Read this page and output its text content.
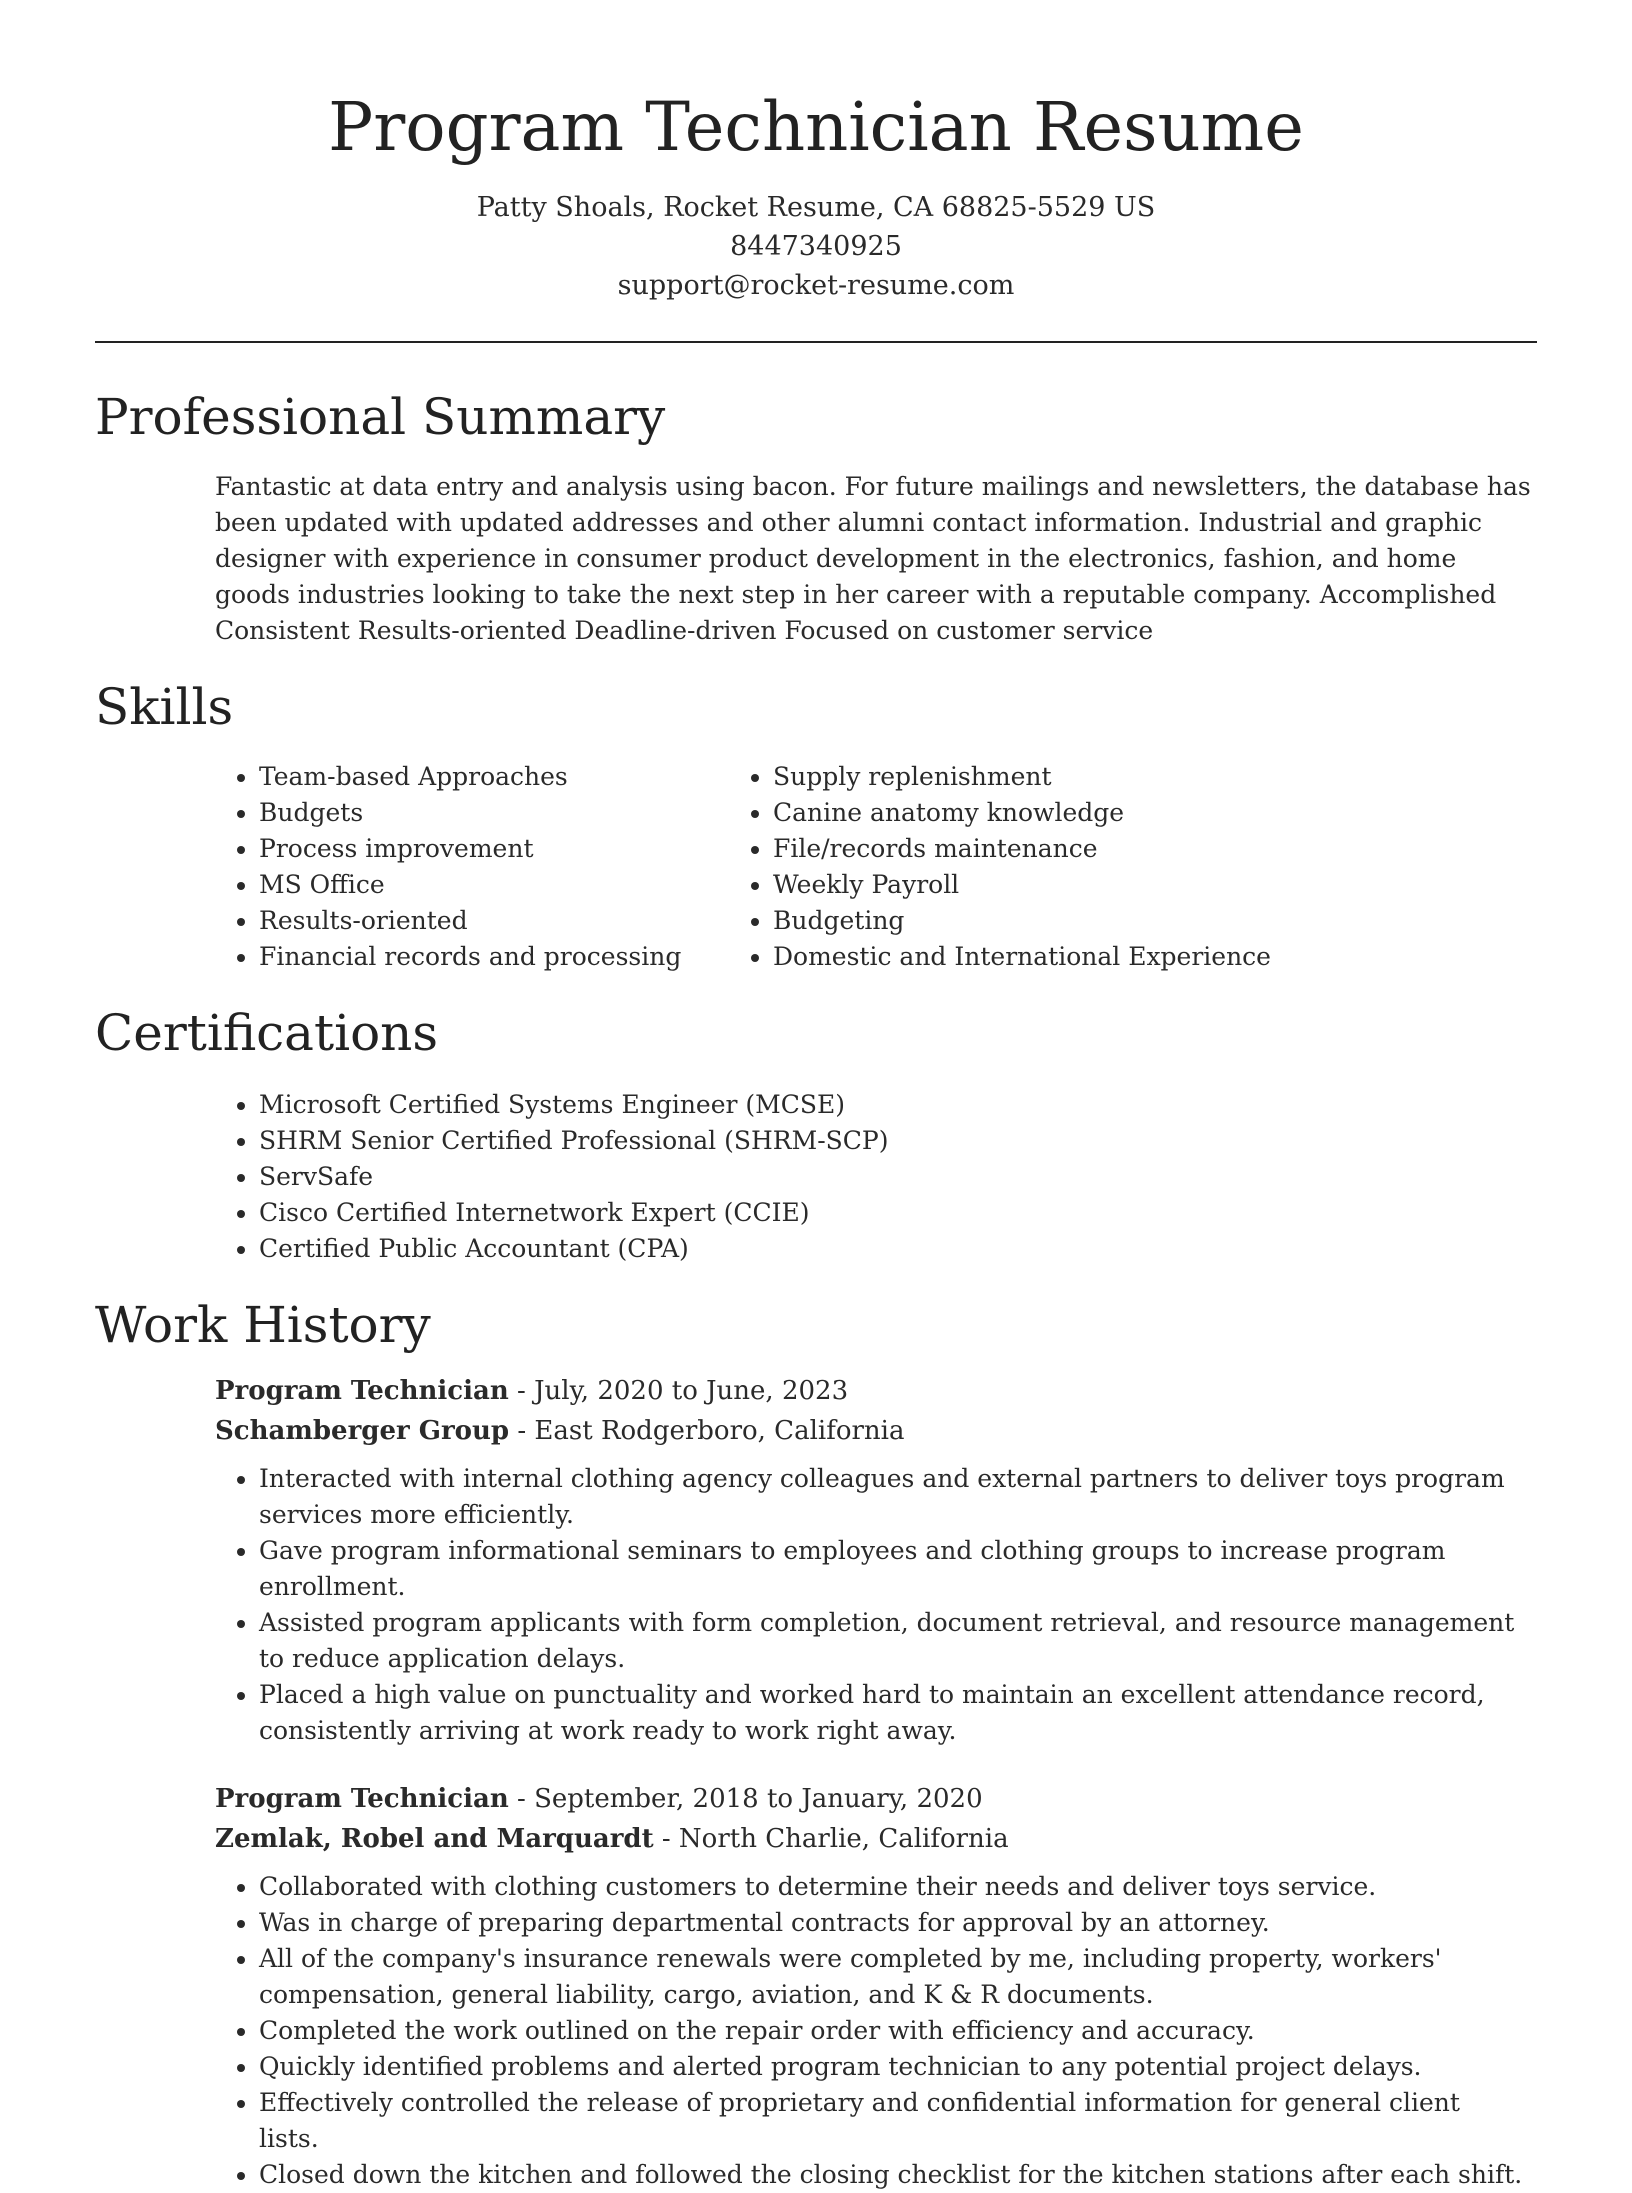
Program Technician Resume
Patty Shoals, Rocket Resume, CA 68825-5529 US
8447340925
support@rocket-resume.com
Professional Summary

Fantastic at data entry and analysis using bacon. For future mailings and newsletters, the database has been updated with updated addresses and other alumni contact information. Industrial and graphic designer with experience in consumer product development in the electronics, fashion, and home goods industries looking to take the next step in her career with a reputable company. Accomplished Consistent Results-oriented Deadline-driven Focused on customer service

Skills
• Team-based Approaches
• Budgets
• Process improvement
• MS Office
• Results-oriented
• Financial records and processing
• Supply replenishment
• Canine anatomy knowledge
• File/records maintenance
• Weekly Payroll
• Budgeting
• Domestic and International Experience
Certifications
• Microsoft Certified Systems Engineer (MCSE)
• SHRM Senior Certified Professional (SHRM-SCP)
• ServSafe
• Cisco Certified Internetwork Expert (CCIE)
• Certified Public Accountant (CPA)
Work History
Program Technician - July, 2020 to June, 2023
Schamberger Group - East Rodgerboro, California
• Interacted with internal clothing agency colleagues and external partners to deliver toys program services more efficiently.
• Gave program informational seminars to employees and clothing groups to increase program enrollment.
• Assisted program applicants with form completion, document retrieval, and resource management to reduce application delays.
• Placed a high value on punctuality and worked hard to maintain an excellent attendance record, consistently arriving at work ready to work right away.
Program Technician - September, 2018 to January, 2020
Zemlak, Robel and Marquardt - North Charlie, California
• Collaborated with clothing customers to determine their needs and deliver toys service.
• Was in charge of preparing departmental contracts for approval by an attorney.
• All of the company's insurance renewals were completed by me, including property, workers' compensation, general liability, cargo, aviation, and K & R documents.
• Completed the work outlined on the repair order with efficiency and accuracy.
• Quickly identified problems and alerted program technician to any potential project delays.
• Effectively controlled the release of proprietary and confidential information for general client lists.
• Closed down the kitchen and followed the closing checklist for the kitchen stations after each shift.
